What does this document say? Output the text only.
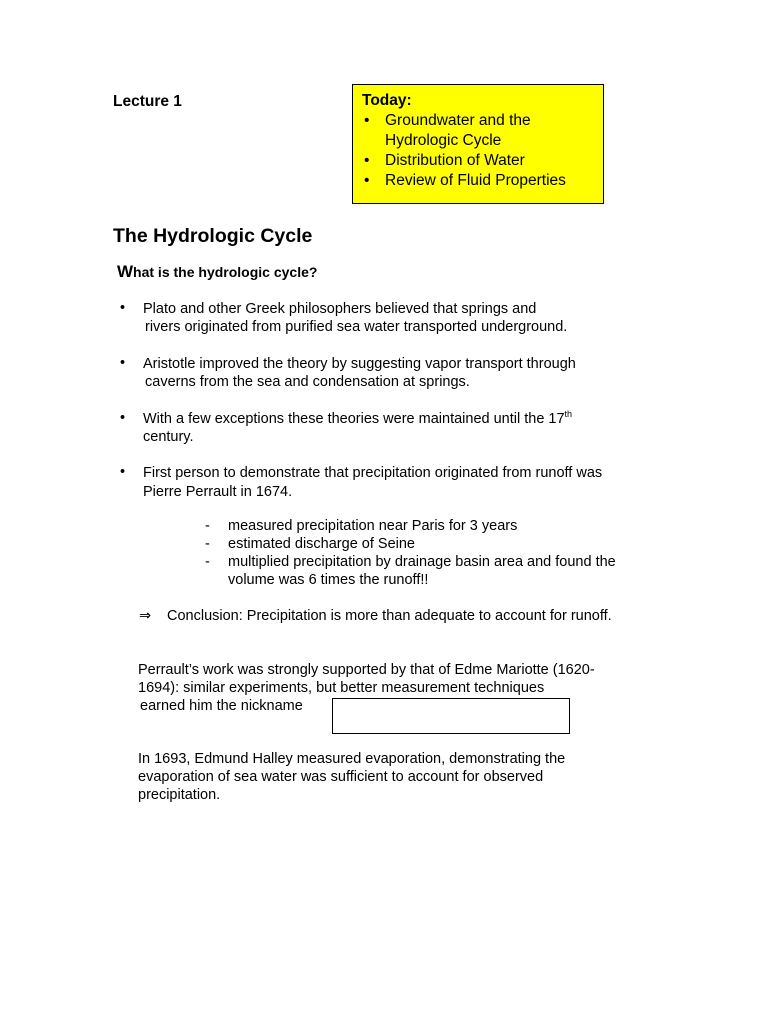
Lecture 1	Today:
• Groundwater and the
Hydrologic Cycle
• Distribution of Water
• Review of Fluid Properties
The Hydrologic Cycle
What is the hydrologic cycle?
• Plato and other Greek philosophers believed that springs and
rivers originated from purified sea water transported underground.
• Aristotle improved the theory by suggesting vapor transport through
caverns from the sea and condensation at springs.
• With a few exceptions these theories were maintained until the 17th
century.
• First person to demonstrate that precipitation originated from runoff was
Pierre Perrault in 1674.
- measured precipitation near Paris for 3 years
- estimated discharge of Seine
- multiplied precipitation by drainage basin area and found the
volume was 6 times the runoff!!
⇒ Conclusion: Precipitation is more than adequate to account for runoff.
Perrault’s work was strongly supported by that of Edme Mariotte (1620-
1694): similar experiments, but better measurement techniques
earned him the nickname
In 1693, Edmund Halley measured evaporation, demonstrating the
evaporation of sea water was sufficient to account for observed
precipitation.
